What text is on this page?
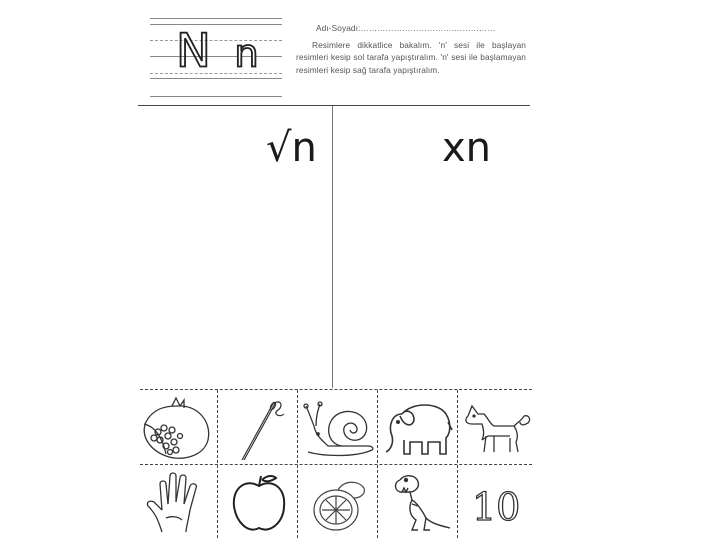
N n
Adı-Soyadı:…………………………….……………
Resimlere dikkatlice bakalım. 'n' sesi ile başlayan resimleri kesip sol tarafa yapıştıralım. 'n' sesi ile başlamayan resimleri kesip sağ tarafa yapıştıralım.
√n	xn
10
